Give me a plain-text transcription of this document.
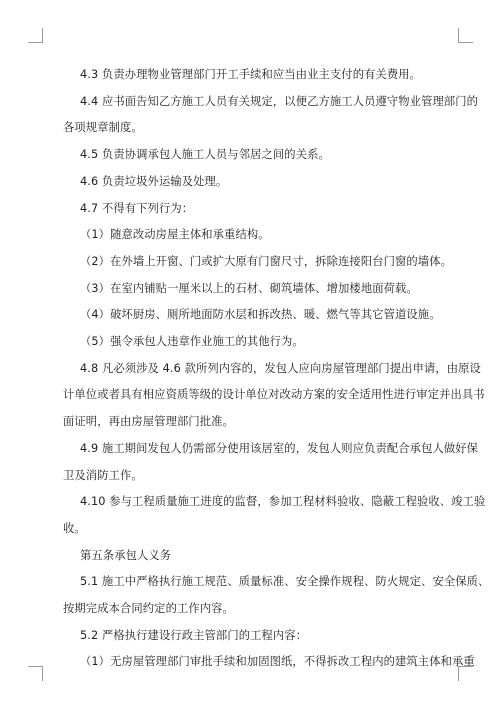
4.3 负责办理物业管理部门开工手续和应当由业主支付的有关费用。
4.4 应书面告知乙方施工人员有关规定，以便乙方施工人员遵守物业管理部门的
各项规章制度。
4.5 负责协调承包人施工人员与邻居之间的关系。
4.6 负责垃圾外运输及处理。
4.7 不得有下列行为：
（1）随意改动房屋主体和承重结构。
（2）在外墙上开窗、门或扩大原有门窗尺寸，拆除连接阳台门窗的墙体。
（3）在室内铺贴一厘米以上的石材、砌筑墙体、增加楼地面荷载。
（4）破坏厨房、厕所地面防水层和拆改热、暖、燃气等其它管道设施。
（5）强令承包人违章作业施工的其他行为。
4.8 凡必须涉及 4.6 款所列内容的，发包人应向房屋管理部门提出申请，由原设
计单位或者具有相应资质等级的设计单位对改动方案的安全适用性进行审定并出具书
面证明，再由房屋管理部门批准。
4.9 施工期间发包人仍需部分使用该居室的，发包人则应负责配合承包人做好保
卫及消防工作。
4.10 参与工程质量施工进度的监督，参加工程材料验收、隐蔽工程验收、竣工验
收。
第五条承包人义务
5.1 施工中严格执行施工规范、质量标准、安全操作规程、防火规定、安全保质、
按期完成本合同约定的工作内容。
5.2 严格执行建设行政主管部门的工程内容：
（1）无房屋管理部门审批手续和加固图纸，不得拆改工程内的建筑主体和承重
